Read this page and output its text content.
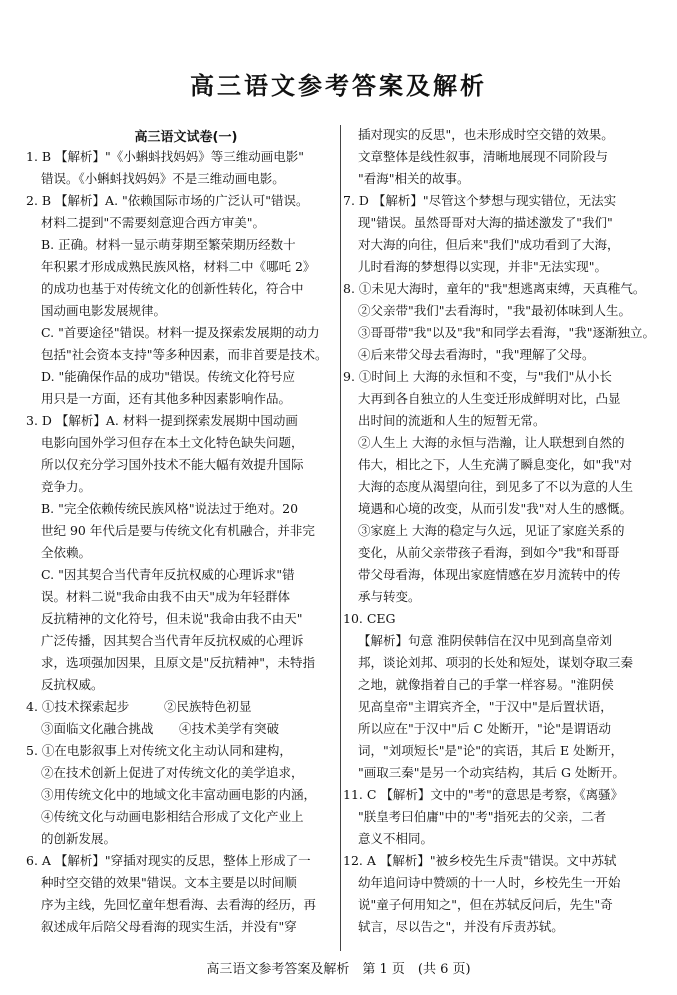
高三语文参考答案及解析
高三语文试卷(一)
1. B 【解析】"《小蝌蚪找妈妈》等三维动画电影"
错误。《小蝌蚪找妈妈》不是三维动画电影。
2. B 【解析】A. "依赖国际市场的广泛认可"错误。
材料二提到"不需要刻意迎合西方审美"。
B. 正确。材料一显示萌芽期至繁荣期历经数十
年积累才形成成熟民族风格，材料二中《哪吒 2》
的成功也基于对传统文化的创新性转化，符合中
国动画电影发展规律。
C. "首要途径"错误。材料一提及探索发展期的动力
包括"社会资本支持"等多种因素，而非首要是技术。
D. "能确保作品的成功"错误。传统文化符号应
用只是一方面，还有其他多种因素影响作品。
3. D 【解析】A. 材料一提到探索发展期中国动画
电影向国外学习但存在本土文化特色缺失问题，
所以仅充分学习国外技术不能大幅有效提升国际
竞争力。
B. "完全依赖传统民族风格"说法过于绝对。20
世纪 90 年代后是要与传统文化有机融合，并非完
全依赖。
C. "因其契合当代青年反抗权威的心理诉求"错
误。材料二说"我命由我不由天"成为年轻群体
反抗精神的文化符号，但未说"我命由我不由天"
广泛传播，因其契合当代青年反抗权威的心理诉
求，选项强加因果，且原文是"反抗精神"，未特指
反抗权威。
4. ①技术探索起步	②民族特色初显
③面临文化融合挑战 ④技术美学有突破
5. ①在电影叙事上对传统文化主动认同和建构，
②在技术创新上促进了对传统文化的美学追求，
③用传统文化中的地域文化丰富动画电影的内涵，
④传统文化与动画电影相结合形成了文化产业上
的创新发展。
6. A 【解析】"穿插对现实的反思，整体上形成了一
种时空交错的效果"错误。文本主要是以时间顺
序为主线，先回忆童年想看海、去看海的经历，再
叙述成年后陪父母看海的现实生活，并没有"穿
插对现实的反思"，也未形成时空交错的效果。
文章整体是线性叙事，清晰地展现不同阶段与
"看海"相关的故事。
7. D 【解析】"尽管这个梦想与现实错位，无法实
现"错误。虽然哥哥对大海的描述激发了"我们"
对大海的向往，但后来"我们"成功看到了大海，
儿时看海的梦想得以实现，并非"无法实现"。
8. ①未见大海时，童年的"我"想逃离束缚，天真稚气。
②父亲带"我们"去看海时，"我"最初体味到人生。
③哥哥带"我"以及"我"和同学去看海，"我"逐渐独立。
④后来带父母去看海时，"我"理解了父母。
9. ①时间上 大海的永恒和不变，与"我们"从小长
大再到各自独立的人生变迁形成鲜明对比，凸显
出时间的流逝和人生的短暂无常。
②人生上 大海的永恒与浩瀚，让人联想到自然的
伟大，相比之下，人生充满了瞬息变化，如"我"对
大海的态度从渴望向往，到见多了不以为意的人生
境遇和心境的改变，从而引发"我"对人生的感慨。
③家庭上 大海的稳定与久远，见证了家庭关系的
变化，从前父亲带孩子看海，到如今"我"和哥哥
带父母看海，体现出家庭情感在岁月流转中的传
承与转变。
10. CEG
【解析】句意 淮阴侯韩信在汉中见到高皇帝刘
邦，谈论刘邦、项羽的长处和短处，谋划夺取三秦
之地，就像指着自己的手掌一样容易。"淮阴侯
见高皇帝"主谓宾齐全，"于汉中"是后置状语，
所以应在"于汉中"后 C 处断开，"论"是谓语动
词，"刘项短长"是"论"的宾语，其后 E 处断开，
"画取三秦"是另一个动宾结构，其后 G 处断开。
11. C 【解析】文中的"考"的意思是考察，《离骚》
"朕皇考曰伯庸"中的"考"指死去的父亲，二者
意义不相同。
12. A 【解析】"被乡校先生斥责"错误。文中苏轼
幼年追问诗中赞颂的十一人时，乡校先生一开始
说"童子何用知之"，但在苏轼反问后，先生"奇
轼言，尽以告之"，并没有斥责苏轼。
高三语文参考答案及解析　第 1 页　(共 6 页)
